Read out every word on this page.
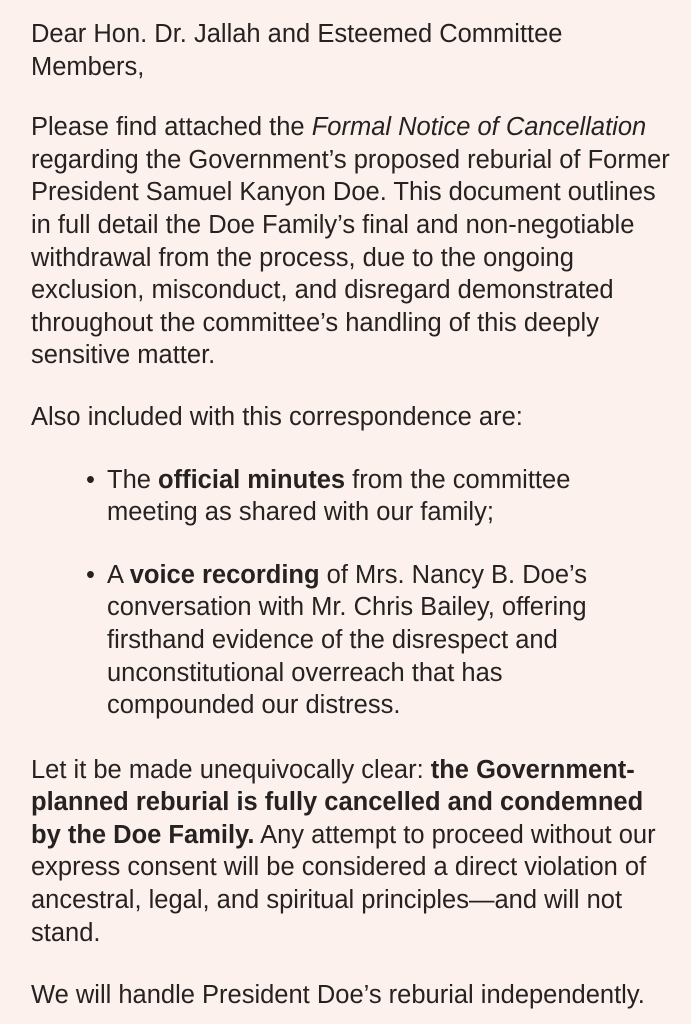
Dear Hon. Dr. Jallah and Esteemed Committee Members,

Please find attached the Formal Notice of Cancellation regarding the Government’s proposed reburial of Former President Samuel Kanyon Doe. This document outlines in full detail the Doe Family’s final and non-negotiable withdrawal from the process, due to the ongoing exclusion, misconduct, and disregard demonstrated throughout the committee’s handling of this deeply sensitive matter.

Also included with this correspondence are:

• The official minutes from the committee meeting as shared with our family;
• A voice recording of Mrs. Nancy B. Doe’s conversation with Mr. Chris Bailey, offering firsthand evidence of the disrespect and unconstitutional overreach that has compounded our distress.

Let it be made unequivocally clear: the Government-planned reburial is fully cancelled and condemned by the Doe Family. Any attempt to proceed without our express consent will be considered a direct violation of ancestral, legal, and spiritual principles—and will not stand.

We will handle President Doe’s reburial independently.
